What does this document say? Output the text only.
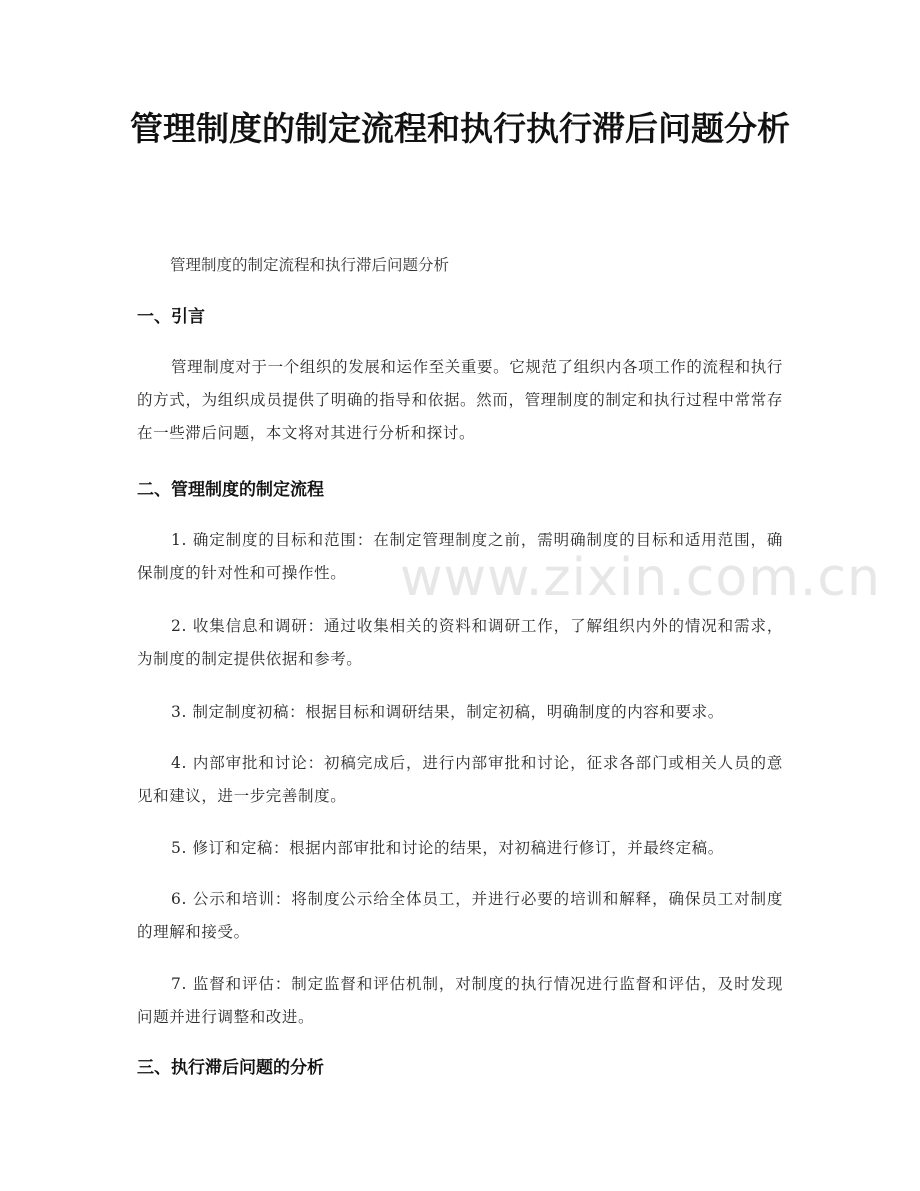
www.zixin.com.cn
管理制度的制定流程和执行执行滞后问题分析

管理制度的制定流程和执行滞后问题分析

一、引言

管理制度对于一个组织的发展和运作至关重要。它规范了组织内各项工作的流程和执行的方式，为组织成员提供了明确的指导和依据。然而，管理制度的制定和执行过程中常常存在一些滞后问题，本文将对其进行分析和探讨。

二、管理制度的制定流程

1. 确定制度的目标和范围：在制定管理制度之前，需明确制度的目标和适用范围，确保制度的针对性和可操作性。

2. 收集信息和调研：通过收集相关的资料和调研工作，了解组织内外的情况和需求，为制度的制定提供依据和参考。

3. 制定制度初稿：根据目标和调研结果，制定初稿，明确制度的内容和要求。

4. 内部审批和讨论：初稿完成后，进行内部审批和讨论，征求各部门或相关人员的意见和建议，进一步完善制度。

5. 修订和定稿：根据内部审批和讨论的结果，对初稿进行修订，并最终定稿。

6. 公示和培训：将制度公示给全体员工，并进行必要的培训和解释，确保员工对制度的理解和接受。

7. 监督和评估：制定监督和评估机制，对制度的执行情况进行监督和评估，及时发现问题并进行调整和改进。

三、执行滞后问题的分析
